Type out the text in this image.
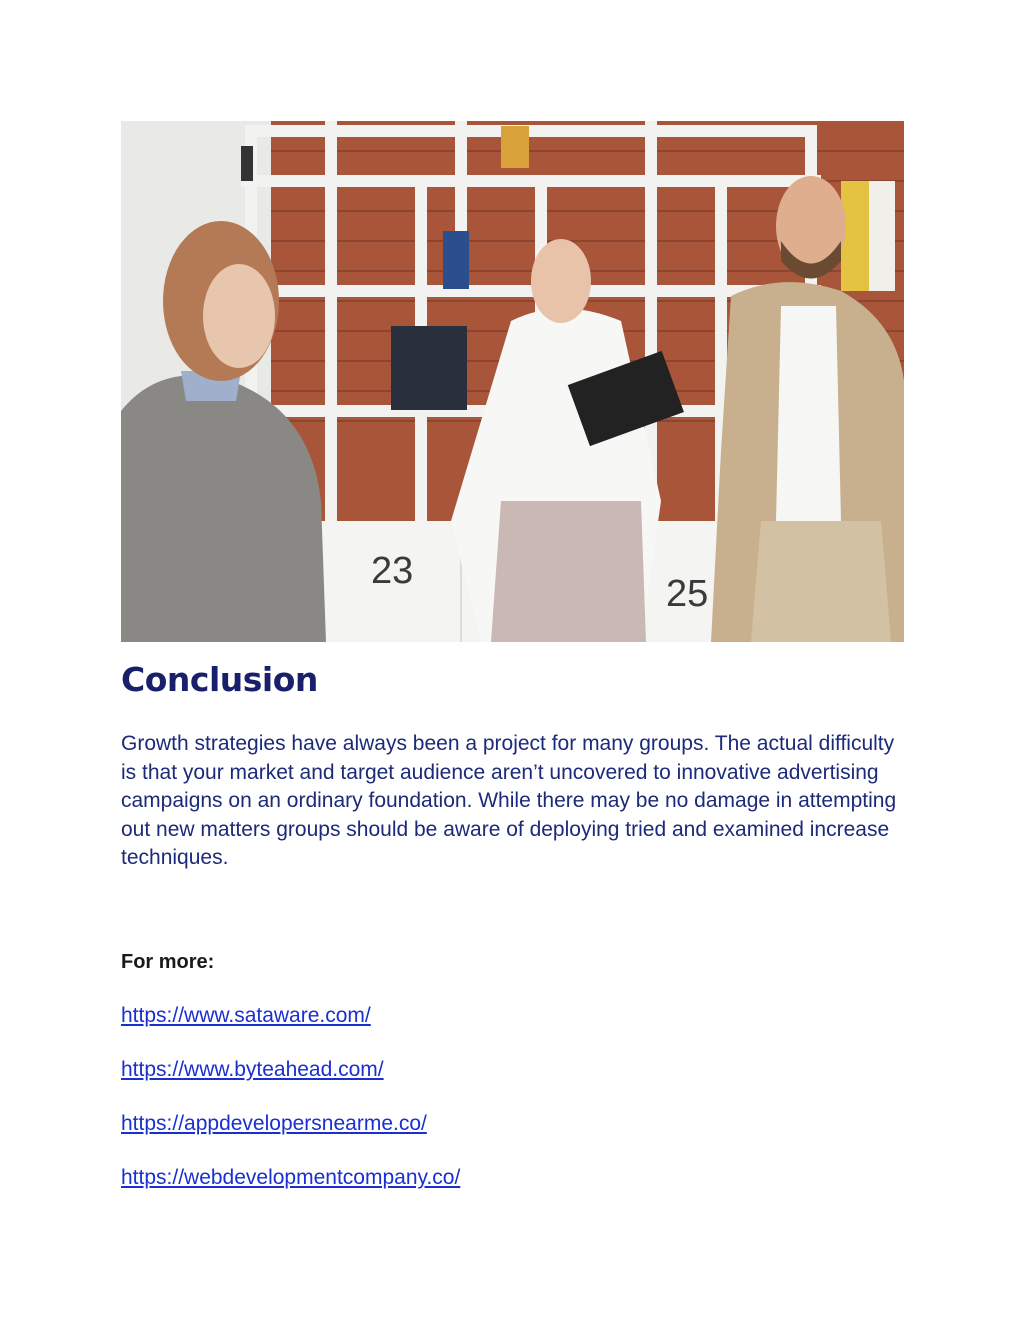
23
25
Conclusion

Growth strategies have always been a project for many groups. The actual difficulty is that your market and target audience aren’t uncovered to innovative advertising campaigns on an ordinary foundation. While there may be no damage in attempting out new matters groups should be aware of deploying tried and examined increase techniques.

For more:

https://www.sataware.com/
https://www.byteahead.com/
https://appdevelopersnearme.co/
https://webdevelopmentcompany.co/
